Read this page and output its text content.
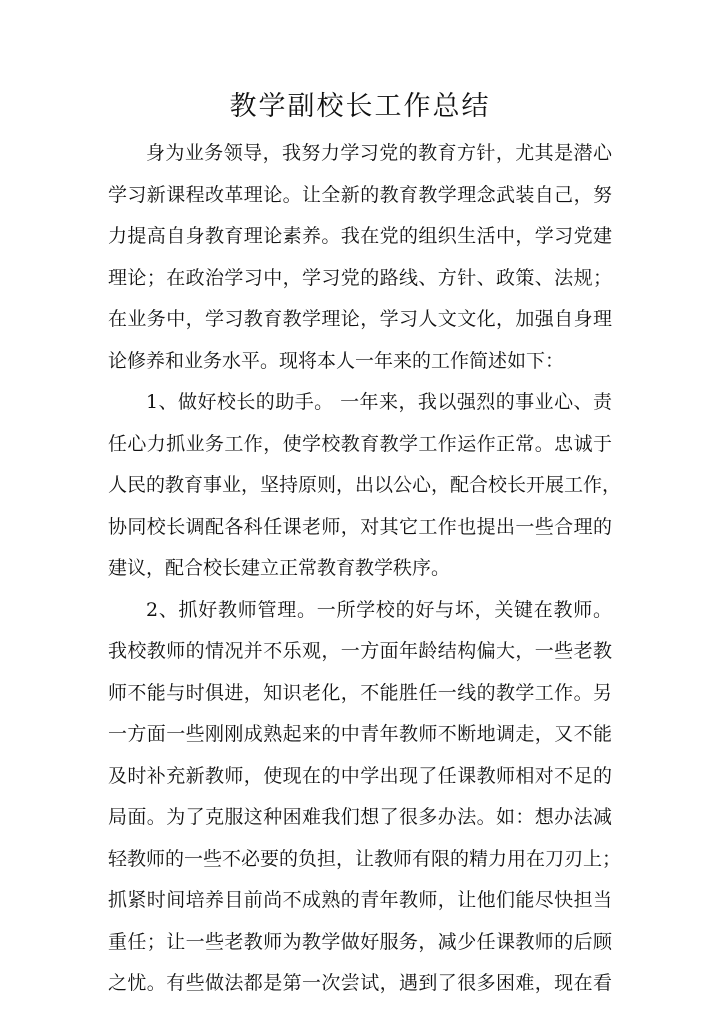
教学副校长工作总结
身为业务领导，我努力学习党的教育方针，尤其是潜心
学习新课程改革理论。让全新的教育教学理念武装自己，努
力提高自身教育理论素养。我在党的组织生活中，学习党建
理论；在政治学习中，学习党的路线、方针、政策、法规；
在业务中，学习教育教学理论，学习人文文化，加强自身理
论修养和业务水平。现将本人一年来的工作简述如下：
1、做好校长的助手。 一年来，我以强烈的事业心、责
任心力抓业务工作，使学校教育教学工作运作正常。忠诚于
人民的教育事业，坚持原则，出以公心，配合校长开展工作，
协同校长调配各科任课老师，对其它工作也提出一些合理的
建议，配合校长建立正常教育教学秩序。
2、抓好教师管理。一所学校的好与坏，关键在教师。
我校教师的情况并不乐观，一方面年龄结构偏大，一些老教
师不能与时俱进，知识老化，不能胜任一线的教学工作。另
一方面一些刚刚成熟起来的中青年教师不断地调走，又不能
及时补充新教师，使现在的中学出现了任课教师相对不足的
局面。为了克服这种困难我们想了很多办法。如：想办法减
轻教师的一些不必要的负担，让教师有限的精力用在刀刃上；
抓紧时间培养目前尚不成熟的青年教师，让他们能尽快担当
重任；让一些老教师为教学做好服务，减少任课教师的后顾
之忧。有些做法都是第一次尝试，遇到了很多困难，现在看
